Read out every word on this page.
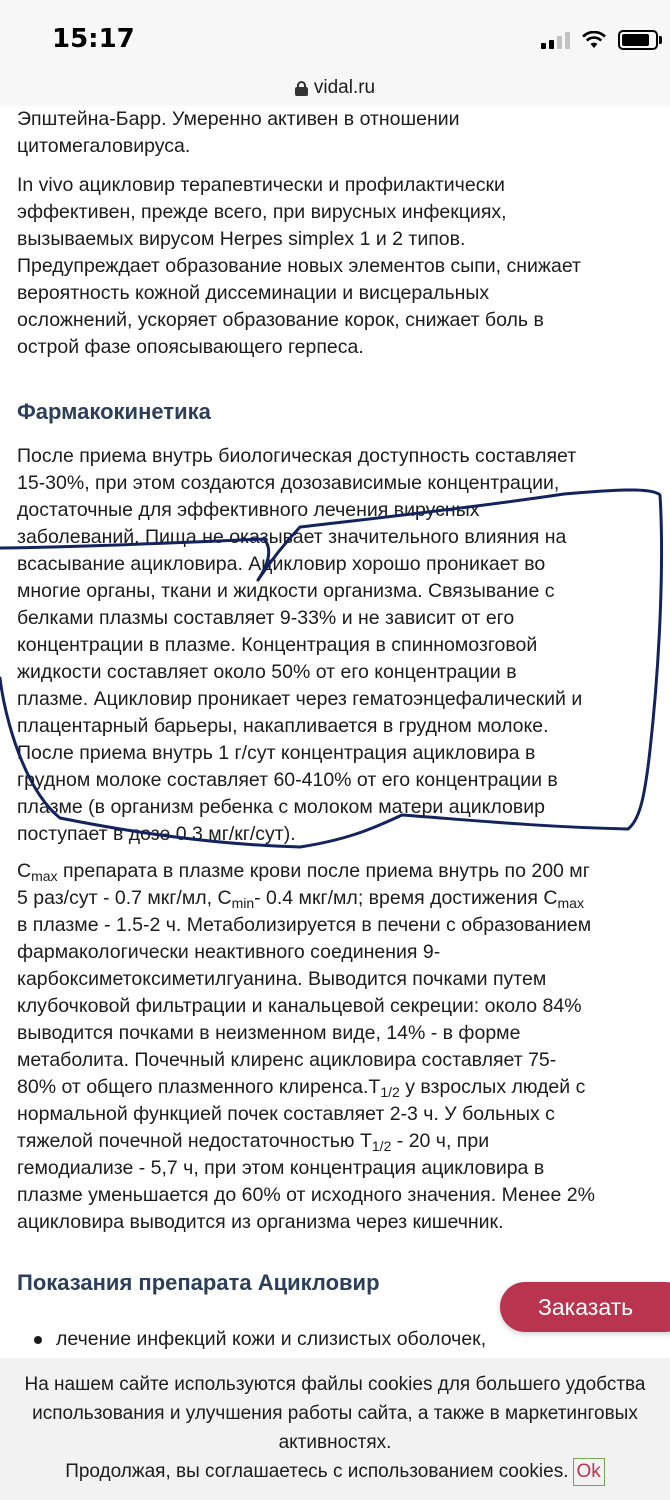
15:17
vidal.ru

Эпштейна-Барр. Умеренно активен в отношении
цитомегаловируса.

In vivo ацикловир терапевтически и профилактически
эффективен, прежде всего, при вирусных инфекциях,
вызываемых вирусом Herpes simplex 1 и 2 типов.
Предупреждает образование новых элементов сыпи, снижает
вероятность кожной диссеминации и висцеральных
осложнений, ускоряет образование корок, снижает боль в
острой фазе опоясывающего герпеса.

Фармакокинетика

После приема внутрь биологическая доступность составляет
15-30%, при этом создаются дозозависимые концентрации,
достаточные для эффективного лечения вирусных
заболеваний. Пища не оказывает значительного влияния на
всасывание ацикловира. Ацикловир хорошо проникает во
многие органы, ткани и жидкости организма. Связывание с
белками плазмы составляет 9-33% и не зависит от его
концентрации в плазме. Концентрация в спинномозговой
жидкости составляет около 50% от его концентрации в
плазме. Ацикловир проникает через гематоэнцефалический и
плацентарный барьеры, накапливается в грудном молоке.
После приема внутрь 1 г/сут концентрация ацикловира в
грудном молоке составляет 60-410% от его концентрации в
плазме (в организм ребенка с молоком матери ацикловир
поступает в дозе 0.3 мг/кг/сут).

$C_{max}$ препарата в плазме крови после приема внутрь по 200 мг
5 раз/сут - 0.7 мкг/мл, $C_{min}-$ 0.4 мкг/мл; время достижения $C_{max}$
в плазме - 1.5-2 ч. Метаболизируется в печени с образованием
фармакологически неактивного соединения 9-
карбоксиметоксиметилгуанина. Выводится почками путем
клубочковой фильтрации и канальцевой секреции: около 84%
выводится почками в неизменном виде, 14% - в форме
метаболита. Почечный клиренс ацикловира составляет 75-
80% от общего плазменного $клиренса.T_{1/2}$ у взрослых людей с
нормальной функцией почек составляет 2-3 ч. У больных с
тяжелой почечной недостаточностью $T_{1/2} - 20$ ч, при
гемодиализе - 5,7 ч, при этом концентрация ацикловира в
плазме уменьшается до 60% от исходного значения. Менее 2%
ацикловира выводится из организма через кишечник.

Показания препарата Ацикловир
лечение инфекций кожи и слизистых оболочек,
Заказать
На нашем сайте используются файлы cookies для большего удобства
использования и улучшения работы сайта, а также в маркетинговых
активностях.
Продолжая, вы соглашаетесь с использованием cookies. Ok
